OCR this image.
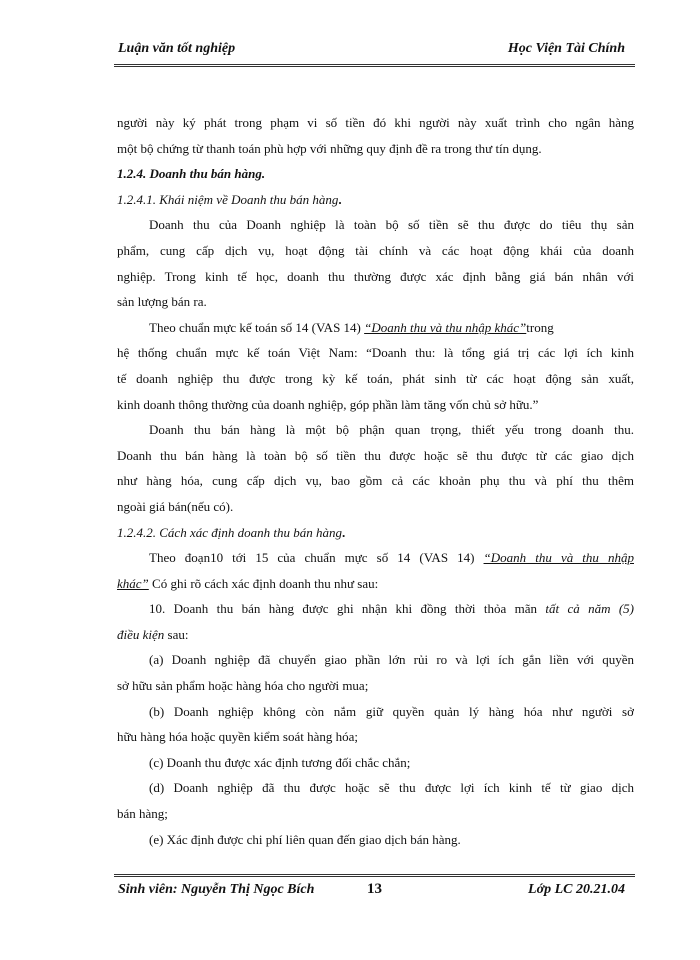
Luận văn tốt nghiệp	Học Viện Tài Chính
người này ký phát trong phạm vi số tiền đó khi người này xuất trình cho ngân hàng
một bộ chứng từ thanh toán phù hợp với những quy định đề ra trong thư tín dụng.
1.2.4. Doanh thu bán hàng.
1.2.4.1. Khái niệm về Doanh thu bán hàng.
Doanh thu của Doanh nghiệp là toàn bộ số tiền sẽ thu được do tiêu thụ sản
phẩm, cung cấp dịch vụ, hoạt động tài chính và các hoạt động khái của doanh
nghiệp. Trong kinh tế học, doanh thu thường được xác định bằng giá bán nhân với
sản lượng bán ra.
Theo chuẩn mực kế toán số 14 (VAS 14) “Doanh thu và thu nhập khác”trong
hệ thống chuẩn mực kế toán Việt Nam: “Doanh thu: là tổng giá trị các lợi ích kinh
tế doanh nghiệp thu được trong kỳ kế toán, phát sinh từ các hoạt động sản xuất,
kinh doanh thông thường của doanh nghiệp, góp phần làm tăng vốn chủ sở hữu.”
Doanh thu bán hàng là một bộ phận quan trọng, thiết yếu trong doanh thu.
Doanh thu bán hàng là toàn bộ số tiền thu được hoặc sẽ thu được từ các giao dịch
như hàng hóa, cung cấp dịch vụ, bao gồm cả các khoản phụ thu và phí thu thêm
ngoài giá bán(nếu có).
1.2.4.2. Cách xác định doanh thu bán hàng.
Theo đoạn10 tới 15 của chuẩn mực số 14 (VAS 14) “Doanh thu và thu nhập
khác” Có ghi rõ cách xác định doanh thu như sau:
10. Doanh thu bán hàng được ghi nhận khi đồng thời thỏa mãn tất cả năm (5)
điều kiện sau:
(a) Doanh nghiệp đã chuyển giao phần lớn rủi ro và lợi ích gắn liền với quyền
sở hữu sản phẩm hoặc hàng hóa cho người mua;
(b) Doanh nghiệp không còn nắm giữ quyền quản lý hàng hóa như người sở
hữu hàng hóa hoặc quyền kiểm soát hàng hóa;
(c) Doanh thu được xác định tương đối chắc chắn;
(d) Doanh nghiệp đã thu được hoặc sẽ thu được lợi ích kinh tế từ giao dịch
bán hàng;
(e) Xác định được chi phí liên quan đến giao dịch bán hàng.
Sinh viên: Nguyễn Thị Ngọc Bích	13	Lớp LC 20.21.04
